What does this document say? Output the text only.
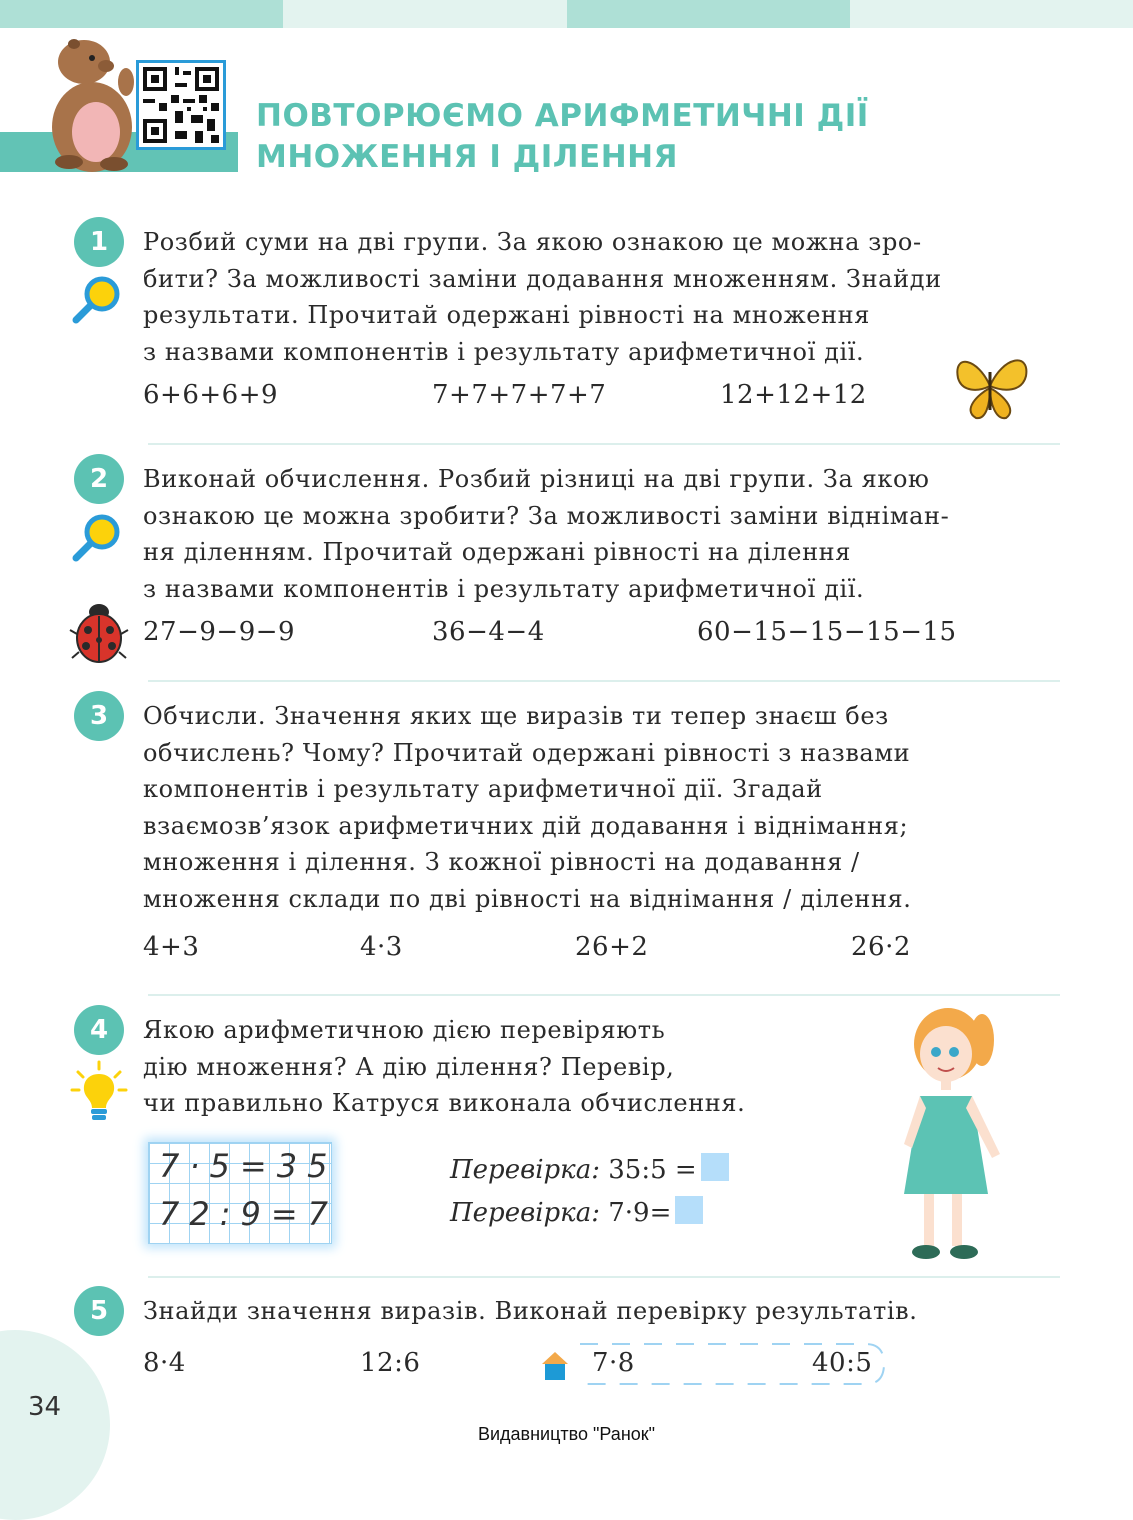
ПОВТОРЮЄМО АРИФМЕТИЧНІ ДІЇ
МНОЖЕННЯ І ДІЛЕННЯ
1	Розбий суми на дві групи. За якою ознакою це можна зро-
бити? За можливості заміни додавання множенням. Знайди
результати. Прочитай одержані рівності на множення
з назвами компонентів і результату арифметичної дії.
6+6+6+9	7+7+7+7+7	12+12+12
2	Виконай обчислення. Розбий різниці на дві групи. За якою
ознакою це можна зробити? За можливості заміни відніман-
ня діленням. Прочитай одержані рівності на ділення
з назвами компонентів і результату арифметичної дії.
27−9−9−9	36−4−4	60−15−15−15−15
3	Обчисли. Значення яких ще виразів ти тепер знаєш без
обчислень? Чому? Прочитай одержані рівності з назвами
компонентів і результату арифметичної дії. Згадай
взаємозв’язок арифметичних дій додавання і віднімання;
множення і ділення. З кожної рівності на додавання /
множення склади по дві рівності на віднімання / ділення.
4+3	4·3	26+2	26·2
4	Якою арифметичною дією перевіряють
дію множення? А дію ділення? Перевір,
чи правильно Катруся виконала обчислення.
7·5=35
72:9=7
Перевірка: 35:5 =
Перевірка: 7·9=
5	Знайди значення виразів. Виконай перевірку результатів.
8·4	12:6	7·8	40:5
34
Видавництво "Ранок"
